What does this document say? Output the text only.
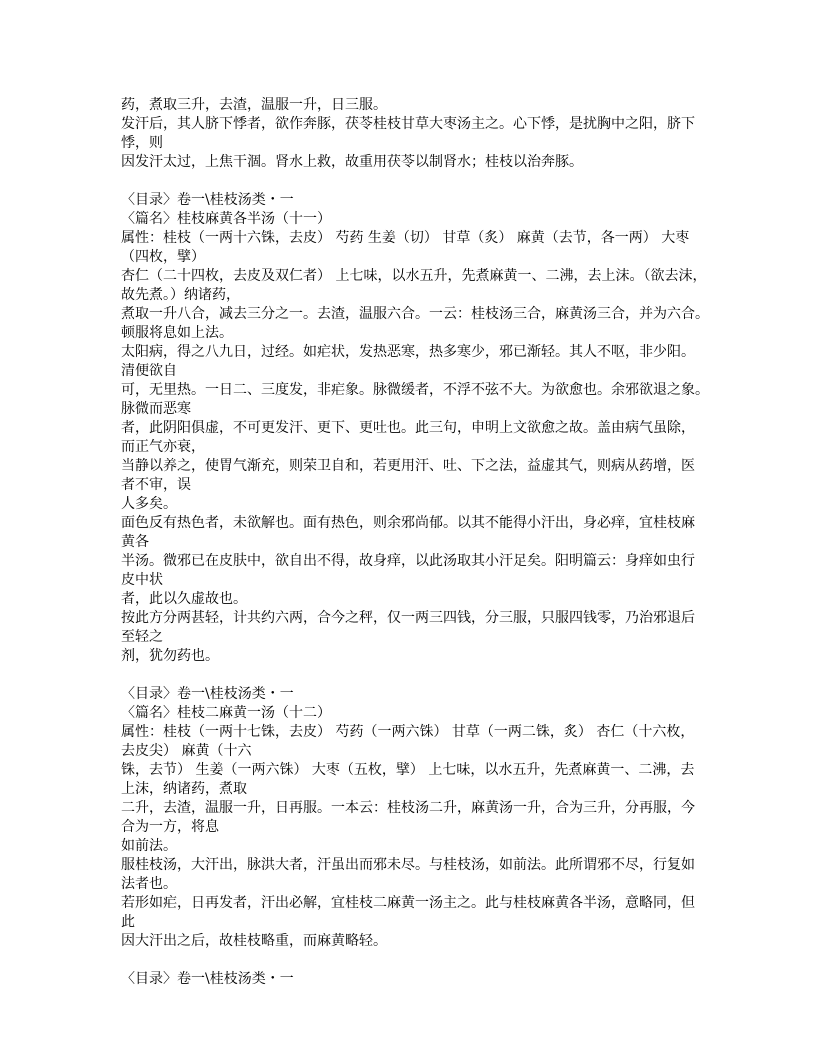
药，煮取三升，去渣，温服一升，日三服。
发汗后，其人脐下悸者，欲作奔豚，茯苓桂枝甘草大枣汤主之。心下悸，是扰胸中之阳，脐下
悸，则
因发汗太过，上焦干涸。肾水上救，故重用茯苓以制肾水；桂枝以治奔豚。
〈目录〉卷一\桂枝汤类・一
〈篇名〉桂枝麻黄各半汤（十一）
属性：桂枝（一两十六铢，去皮） 芍药 生姜（切） 甘草（炙） 麻黄（去节，各一两） 大枣
（四枚，擘）
杏仁（二十四枚，去皮及双仁者） 上七味，以水五升，先煮麻黄一、二沸，去上沫。（欲去沫，
故先煮。）纳诸药，
煮取一升八合，减去三分之一。去渣，温服六合。一云：桂枝汤三合，麻黄汤三合，并为六合。
顿服将息如上法。
太阳病，得之八九日，过经。如疟状，发热恶寒，热多寒少，邪已渐轻。其人不呕，非少阳。
清便欲自
可，无里热。一日二、三度发，非疟象。脉微缓者，不浮不弦不大。为欲愈也。余邪欲退之象。
脉微而恶寒
者，此阴阳俱虚，不可更发汗、更下、更吐也。此三句，申明上文欲愈之故。盖由病气虽除，
而正气亦衰，
当静以养之，使胃气渐充，则荣卫自和，若更用汗、吐、下之法，益虚其气，则病从药增，医
者不审，误
人多矣。
面色反有热色者，未欲解也。面有热色，则余邪尚郁。以其不能得小汗出，身必痒，宜桂枝麻
黄各
半汤。微邪已在皮肤中，欲自出不得，故身痒，以此汤取其小汗足矣。阳明篇云：身痒如虫行
皮中状
者，此以久虚故也。
按此方分两甚轻，计共约六两，合今之秤，仅一两三四钱，分三服，只服四钱零，乃治邪退后
至轻之
剂，犹勿药也。
〈目录〉卷一\桂枝汤类・一
〈篇名〉桂枝二麻黄一汤（十二）
属性：桂枝（一两十七铢，去皮） 芍药（一两六铢） 甘草（一两二铢，炙） 杏仁（十六枚，
去皮尖） 麻黄（十六
铢，去节） 生姜（一两六铢） 大枣（五枚，擘） 上七味，以水五升，先煮麻黄一、二沸，去
上沫，纳诸药，煮取
二升，去渣，温服一升，日再服。一本云：桂枝汤二升，麻黄汤一升，合为三升，分再服，今
合为一方，将息
如前法。
服桂枝汤，大汗出，脉洪大者，汗虽出而邪未尽。与桂枝汤，如前法。此所谓邪不尽，行复如
法者也。
若形如疟，日再发者，汗出必解，宜桂枝二麻黄一汤主之。此与桂枝麻黄各半汤，意略同，但
此
因大汗出之后，故桂枝略重，而麻黄略轻。
〈目录〉卷一\桂枝汤类・一
